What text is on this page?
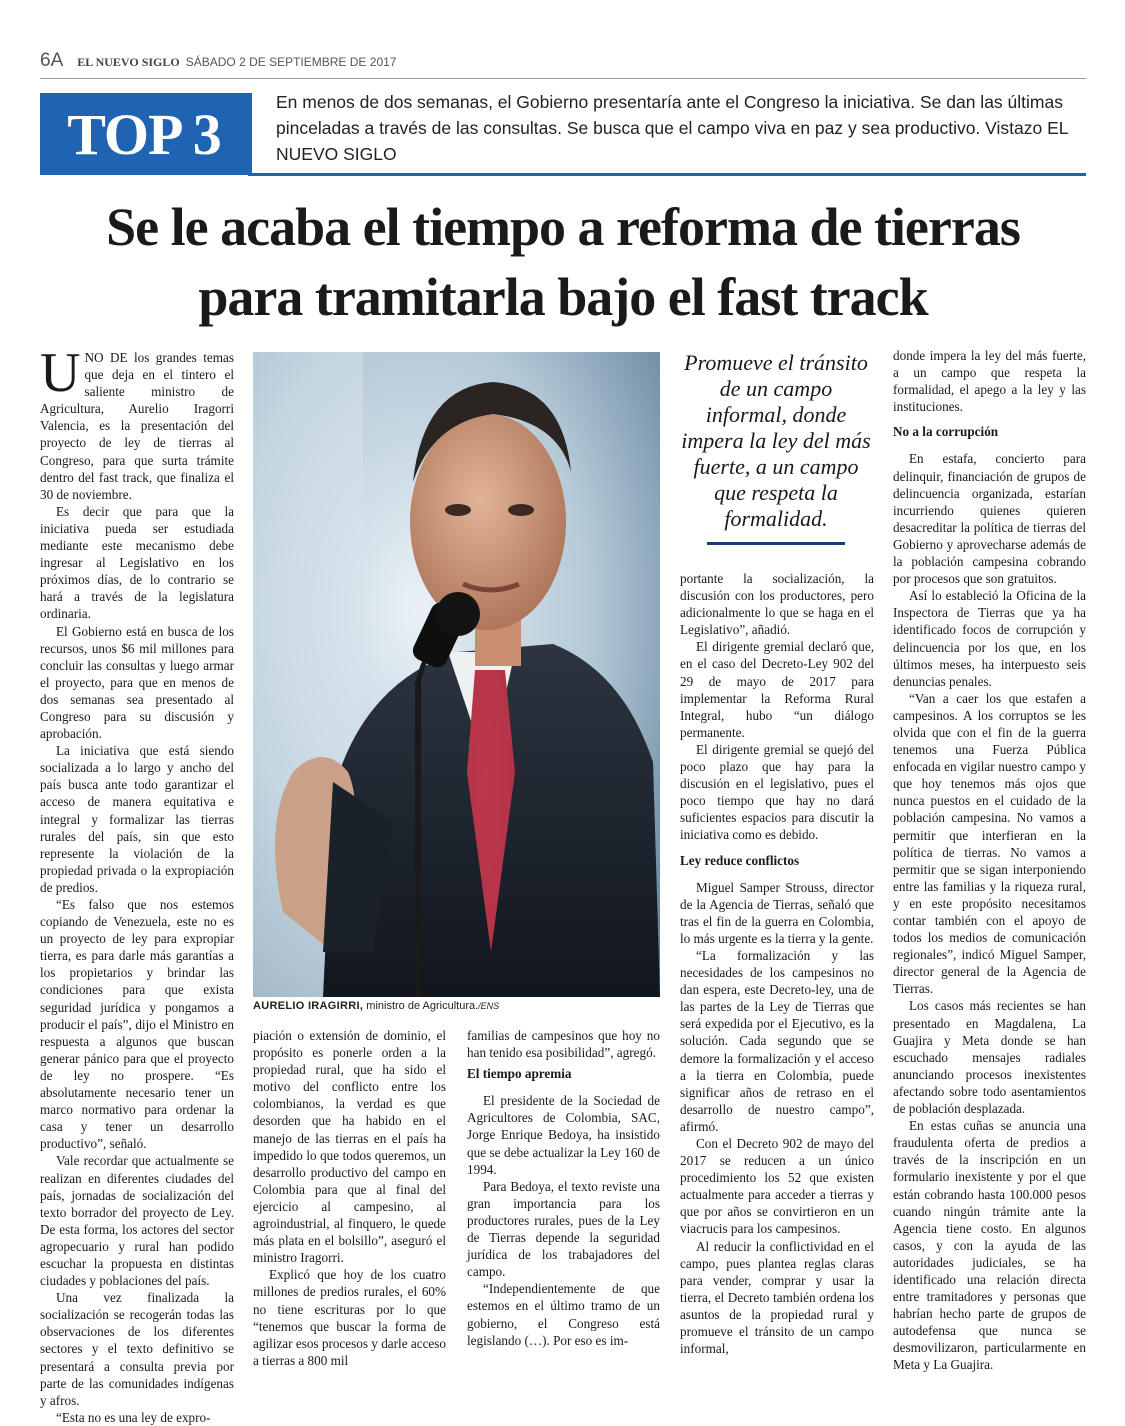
6A EL NUEVO SIGLO SÁBADO 2 DE SEPTIEMBRE DE 2017
TOP 3	En menos de dos semanas, el Gobierno presentaría ante el Congreso la iniciativa. Se dan las últimas pinceladas a través de las consultas. Se busca que el campo viva en paz y sea productivo. Vistazo EL NUEVO SIGLO
Se le acaba el tiempo a reforma de tierras
para tramitarla bajo el fast track
U NO DE los grandes temas que deja en el tintero el saliente ministro de Agricultura, Aurelio Iragorri Valencia, es la presentación del proyecto de ley de tierras al Congreso, para que surta trámite dentro del fast track, que finaliza el 30 de noviembre.

Es decir que para que la iniciativa pueda ser estudiada mediante este mecanismo debe ingresar al Legislativo en los próximos días, de lo contrario se hará a través de la legislatura ordinaria.

El Gobierno está en busca de los recursos, unos $6 mil millones para concluir las consultas y luego armar el proyecto, para que en menos de dos semanas sea presentado al Congreso para su discusión y aprobación.

La iniciativa que está siendo socializada a lo largo y ancho del país busca ante todo garantizar el acceso de manera equitativa e integral y formalizar las tierras rurales del país, sin que esto represente la violación de la propiedad privada o la expropiación de predios.

“Es falso que nos estemos copiando de Venezuela, este no es un proyecto de ley para expropiar tierra, es para darle más garantías a los propietarios y brindar las condiciones para que exista seguridad jurídica y pongamos a producir el país”, dijo el Ministro en respuesta a algunos que buscan generar pánico para que el proyecto de ley no prospere. “Es absolutamente necesario tener un marco normativo para ordenar la casa y tener un desarrollo productivo”, señaló.

Vale recordar que actualmente se realizan en diferentes ciudades del país, jornadas de socialización del texto borrador del proyecto de Ley. De esta forma, los actores del sector agropecuario y rural han podido escuchar la propuesta en distintas ciudades y poblaciones del país.

Una vez finalizada la socialización se recogerán todas las observaciones de los diferentes sectores y el texto definitivo se presentará a consulta previa por parte de las comunidades indígenas y afros.

“Esta no es una ley de expro-

AURELIO IRAGIRRI, ministro de Agricultura./ENS

piación o extensión de dominio, el propósito es ponerle orden a la propiedad rural, que ha sido el motivo del conflicto entre los colombianos, la verdad es que desorden que ha habido en el manejo de las tierras en el país ha impedido lo que todos queremos, un desarrollo productivo del campo en Colombia para que al final del ejercicio al campesino, al agroindustrial, al finquero, le quede más plata en el bolsillo”, aseguró el ministro Iragorri.

Explicó que hoy de los cuatro millones de predios rurales, el 60% no tiene escrituras por lo que “tenemos que buscar la forma de agilizar esos procesos y darle acceso a tierras a 800 mil

familias de campesinos que hoy no han tenido esa posibilidad”, agregó.

El tiempo apremia

El presidente de la Sociedad de Agricultores de Colombia, SAC, Jorge Enrique Bedoya, ha insistido que se debe actualizar la Ley 160 de 1994.

Para Bedoya, el texto reviste una gran importancia para los productores rurales, pues de la Ley de Tierras depende la seguridad jurídica de los trabajadores del campo.

“Independientemente de que estemos en el último tramo de un gobierno, el Congreso está legislando (…). Por eso es im-

Promueve el tránsito de un campo informal, donde impera la ley del más fuerte, a un campo que respeta la formalidad.

portante la socialización, la discusión con los productores, pero adicionalmente lo que se haga en el Legislativo”, añadió.

El dirigente gremial declaró que, en el caso del Decreto-Ley 902 del 29 de mayo de 2017 para implementar la Reforma Rural Integral, hubo “un diálogo permanente.

El dirigente gremial se quejó del poco plazo que hay para la discusión en el legislativo, pues el poco tiempo que hay no dará suficientes espacios para discutir la iniciativa como es debido.

Ley reduce conflictos

Miguel Samper Strouss, director de la Agencia de Tierras, señaló que tras el fin de la guerra en Colombia, lo más urgente es la tierra y la gente.

“La formalización y las necesidades de los campesinos no dan espera, este Decreto-ley, una de las partes de la Ley de Tierras que será expedida por el Ejecutivo, es la solución. Cada segundo que se demore la formalización y el acceso a la tierra en Colombia, puede significar años de retraso en el desarrollo de nuestro campo”, afirmó.

Con el Decreto 902 de mayo del 2017 se reducen a un único procedimiento los 52 que existen actualmente para acceder a tierras y que por años se convirtieron en un viacrucis para los campesinos.

Al reducir la conflictividad en el campo, pues plantea reglas claras para vender, comprar y usar la tierra, el Decreto también ordena los asuntos de la propiedad rural y promueve el tránsito de un campo informal,

donde impera la ley del más fuerte, a un campo que respeta la formalidad, el apego a la ley y las instituciones.

No a la corrupción

En estafa, concierto para delinquir, financiación de grupos de delincuencia organizada, estarían incurriendo quienes quieren desacreditar la política de tierras del Gobierno y aprovecharse además de la población campesina cobrando por procesos que son gratuitos.

Así lo estableció la Oficina de la Inspectora de Tierras que ya ha identificado focos de corrupción y delincuencia por los que, en los últimos meses, ha interpuesto seis denuncias penales.

“Van a caer los que estafen a campesinos. A los corruptos se les olvida que con el fin de la guerra tenemos una Fuerza Pública enfocada en vigilar nuestro campo y que hoy tenemos más ojos que nunca puestos en el cuidado de la población campesina. No vamos a permitir que interfieran en la política de tierras. No vamos a permitir que se sigan interponiendo entre las familias y la riqueza rural, y en este propósito necesitamos contar también con el apoyo de todos los medios de comunicación regionales”, indicó Miguel Samper, director general de la Agencia de Tierras.

Los casos más recientes se han presentado en Magdalena, La Guajira y Meta donde se han escuchado mensajes radiales anunciando procesos inexistentes afectando sobre todo asentamientos de población desplazada.

En estas cuñas se anuncia una fraudulenta oferta de predios a través de la inscripción en un formulario inexistente y por el que están cobrando hasta 100.000 pesos cuando ningún trámite ante la Agencia tiene costo. En algunos casos, y con la ayuda de las autoridades judiciales, se ha identificado una relación directa entre tramitadores y personas que habrían hecho parte de grupos de autodefensa que nunca se desmovilizaron, particularmente en Meta y La Guajira.
